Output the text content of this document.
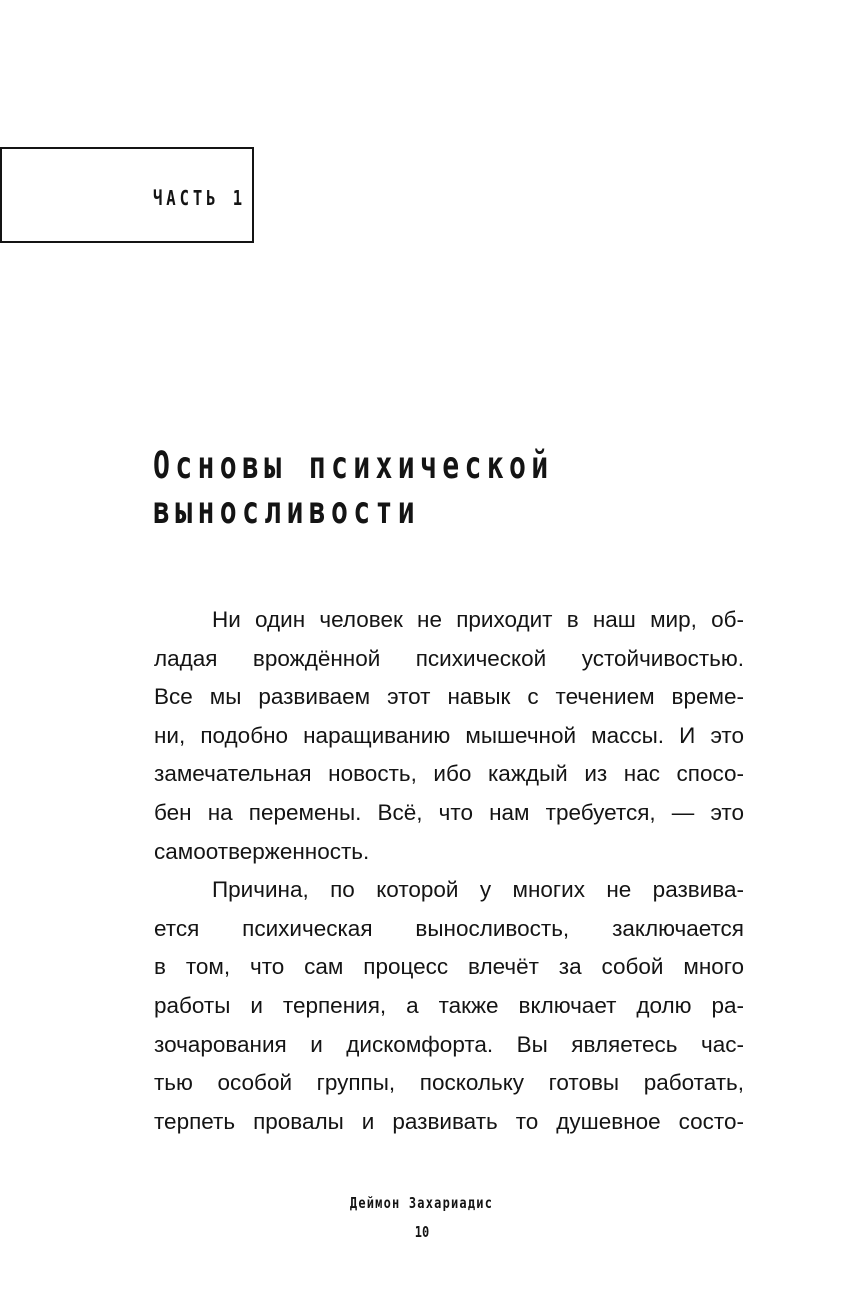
ЧАСТЬ 1
Основы психической
выносливости
Ни один человек не приходит в наш мир, об-
ладая врождённой психической устойчивостью.
Все мы развиваем этот навык с течением време-
ни, подобно наращиванию мышечной массы. И это
замечательная новость, ибо каждый из нас спосо-
бен на перемены. Всё, что нам требуется, — это
самоотверженность.
Причина, по которой у многих не развива-
ется психическая выносливость, заключается
в том, что сам процесс влечёт за собой много
работы и терпения, а также включает долю ра-
зочарования и дискомфорта. Вы являетесь час-
тью особой группы, поскольку готовы работать,
терпеть провалы и развивать то душевное состо-
Деймон Захариадис
10
